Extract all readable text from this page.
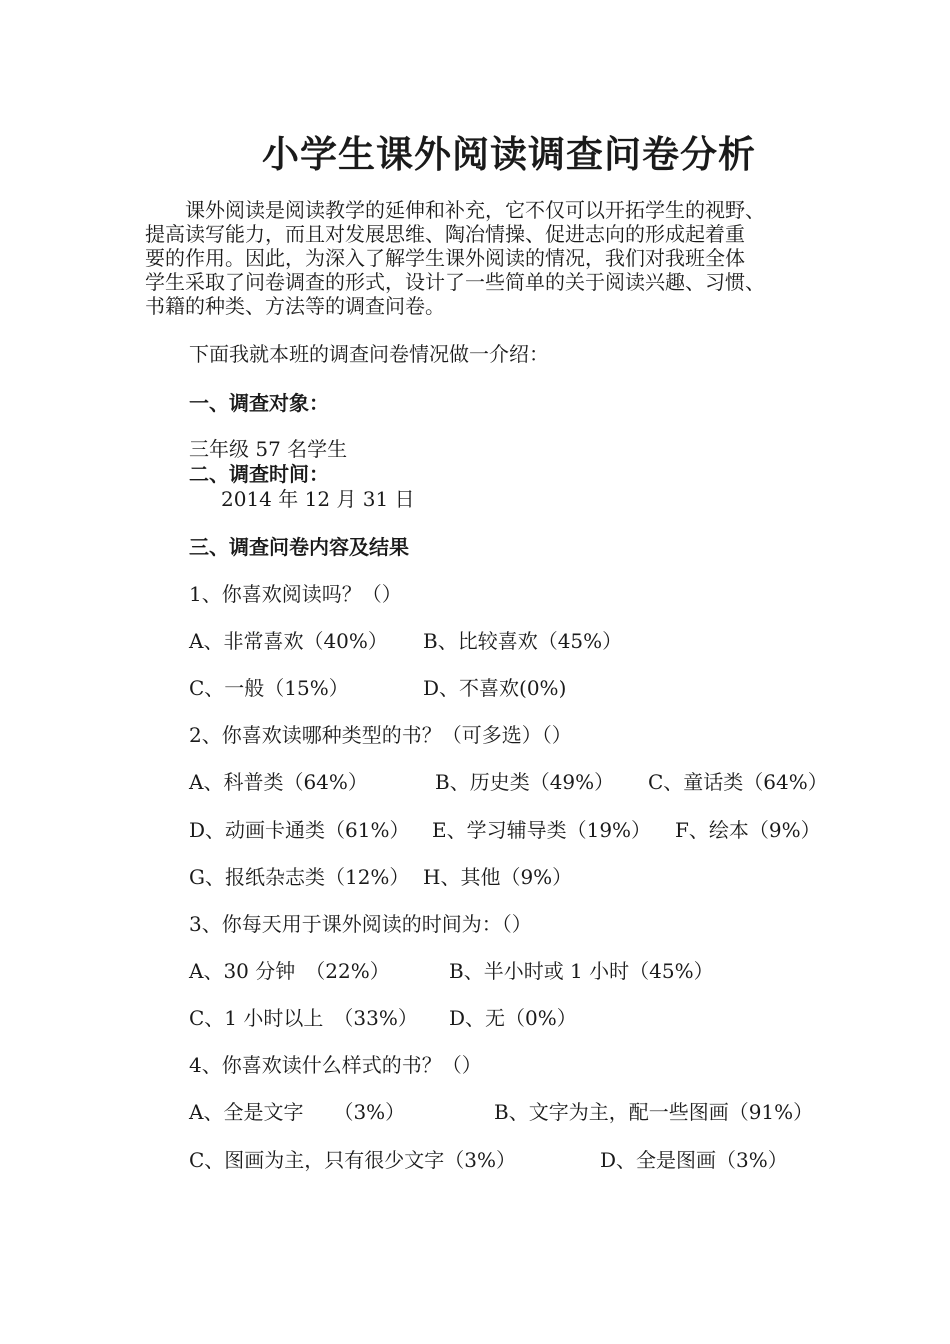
小学生课外阅读调查问卷分析
　　课外阅读是阅读教学的延伸和补充，它不仅可以开拓学生的视野、
提高读写能力，而且对发展思维、陶冶情操、促进志向的形成起着重
要的作用。因此，为深入了解学生课外阅读的情况，我们对我班全体
学生采取了问卷调查的形式，设计了一些简单的关于阅读兴趣、习惯、
书籍的种类、方法等的调查问卷。
下面我就本班的调查问卷情况做一介绍：
一、调查对象：
三年级 57 名学生
二、调查时间：
2014 年 12 月 31 日
三、调查问卷内容及结果
1、你喜欢阅读吗？（）
A、非常喜欢（40%） B、比较喜欢（45%）
C、一般（15%）	D、不喜欢(0%)
2、你喜欢读哪种类型的书？（可多选）（）
A、科普类（64%）	B、历史类（49%） C、童话类（64%）
D、动画卡通类（61%） E、学习辅导类（19%） F、绘本（9%）
G、报纸杂志类（12%） H、其他（9%）
3、你每天用于课外阅读的时间为：（）
A、30 分钟　（22%）	B、半小时或 1 小时（45%）
C、1 小时以上　（33%） D、无（0%）
4、你喜欢读什么样式的书？（）
A、全是文字　　（3%）	B、文字为主，配一些图画（91%）
C、图画为主，只有很少文字（3%）	D、全是图画（3%）
